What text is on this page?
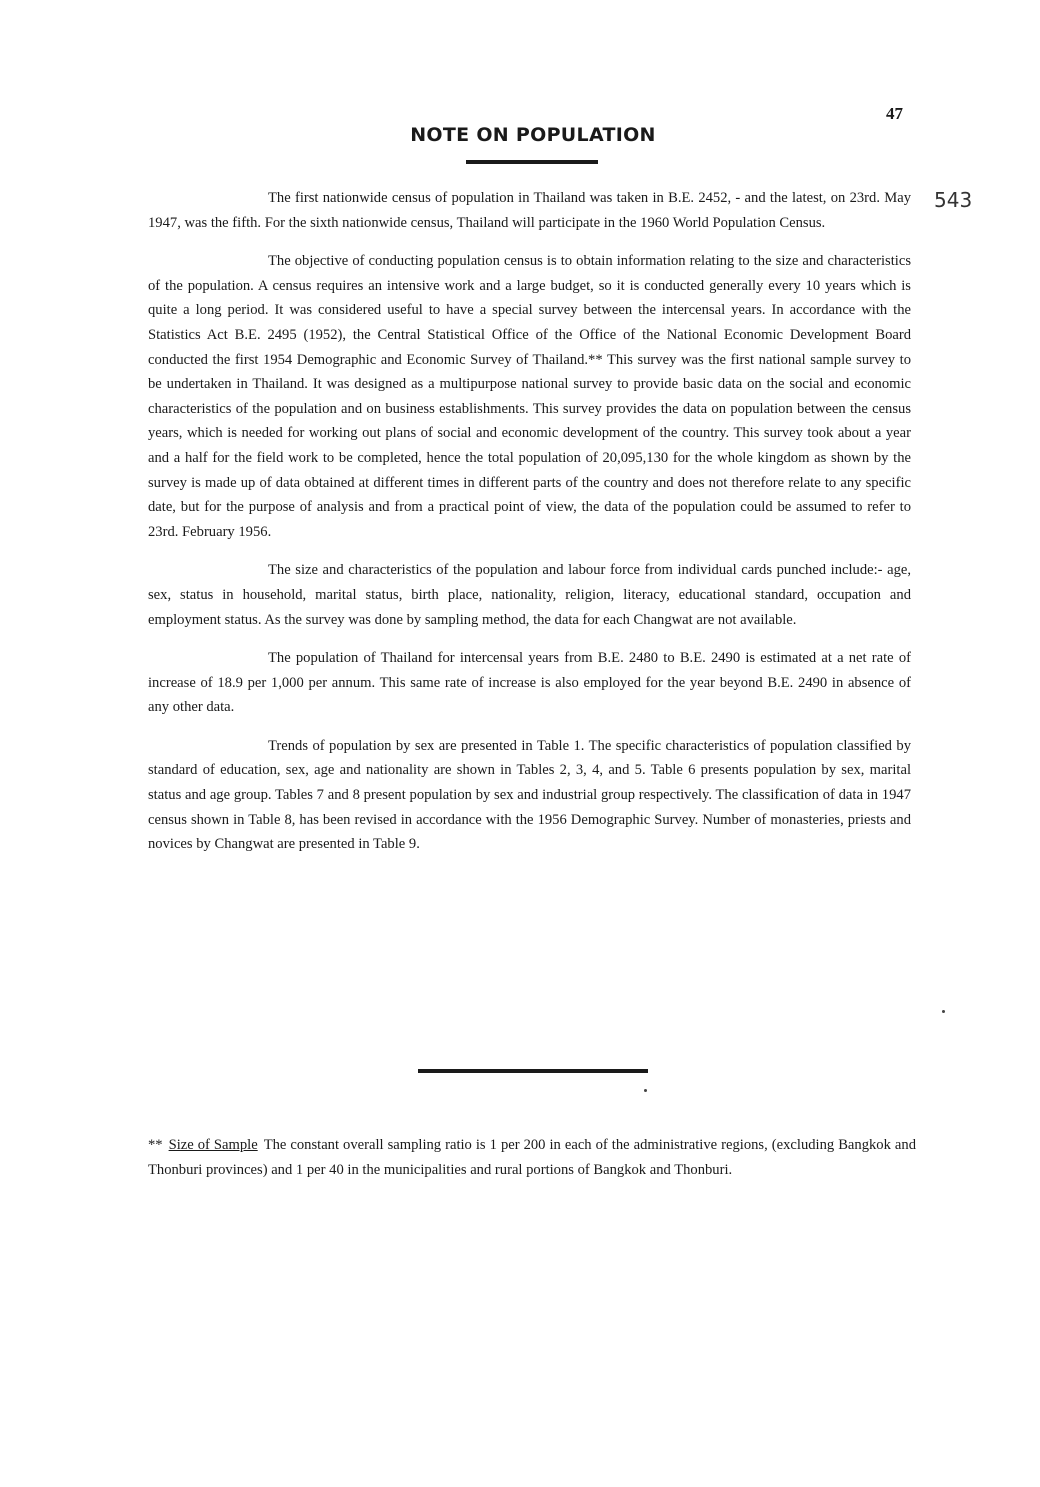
47
NOTE ON POPULATION
543

The first nationwide census of population in Thailand was taken in B.E. 2452, - and the latest, on 23rd. May 1947, was the fifth. For the sixth nationwide census, Thailand will participate in the 1960 World Population Census.

The objective of conducting population census is to obtain information relating to the size and characteristics of the population. A census requires an intensive work and a large budget, so it is conducted generally every 10 years which is quite a long period. It was considered useful to have a special survey between the intercensal years. In accordance with the Statistics Act B.E. 2495 (1952), the Central Statistical Office of the Office of the National Economic Development Board conducted the first 1954 Demographic and Economic Survey of Thailand.** This survey was the first national sample survey to be undertaken in Thailand. It was designed as a multipurpose national survey to provide basic data on the social and economic characteristics of the population and on business establishments. This survey provides the data on population between the census years, which is needed for working out plans of social and economic development of the country. This survey took about a year and a half for the field work to be completed, hence the total population of 20,095,130 for the whole kingdom as shown by the survey is made up of data obtained at different times in different parts of the country and does not therefore relate to any specific date, but for the purpose of analysis and from a practical point of view, the data of the population could be assumed to refer to 23rd. February 1956.

The size and characteristics of the population and labour force from individual cards punched include:- age, sex, status in household, marital status, birth place, nationality, religion, literacy, educational standard, occupation and employment status. As the survey was done by sampling method, the data for each Changwat are not available.

The population of Thailand for intercensal years from B.E. 2480 to B.E. 2490 is estimated at a net rate of increase of 18.9 per 1,000 per annum. This same rate of increase is also employed for the year beyond B.E. 2490 in absence of any other data.

Trends of population by sex are presented in Table 1. The specific characteristics of population classified by standard of education, sex, age and nationality are shown in Tables 2, 3, 4, and 5. Table 6 presents population by sex, marital status and age group. Tables 7 and 8 present population by sex and industrial group respectively. The classification of data in 1947 census shown in Table 8, has been revised in accordance with the 1956 Demographic Survey. Number of monasteries, priests and novices by Changwat are presented in Table 9.

** Size of Sample The constant overall sampling ratio is 1 per 200 in each of the administrative regions, (excluding Bangkok and Thonburi provinces) and 1 per 40 in the municipalities and rural portions of Bangkok and Thonburi.
